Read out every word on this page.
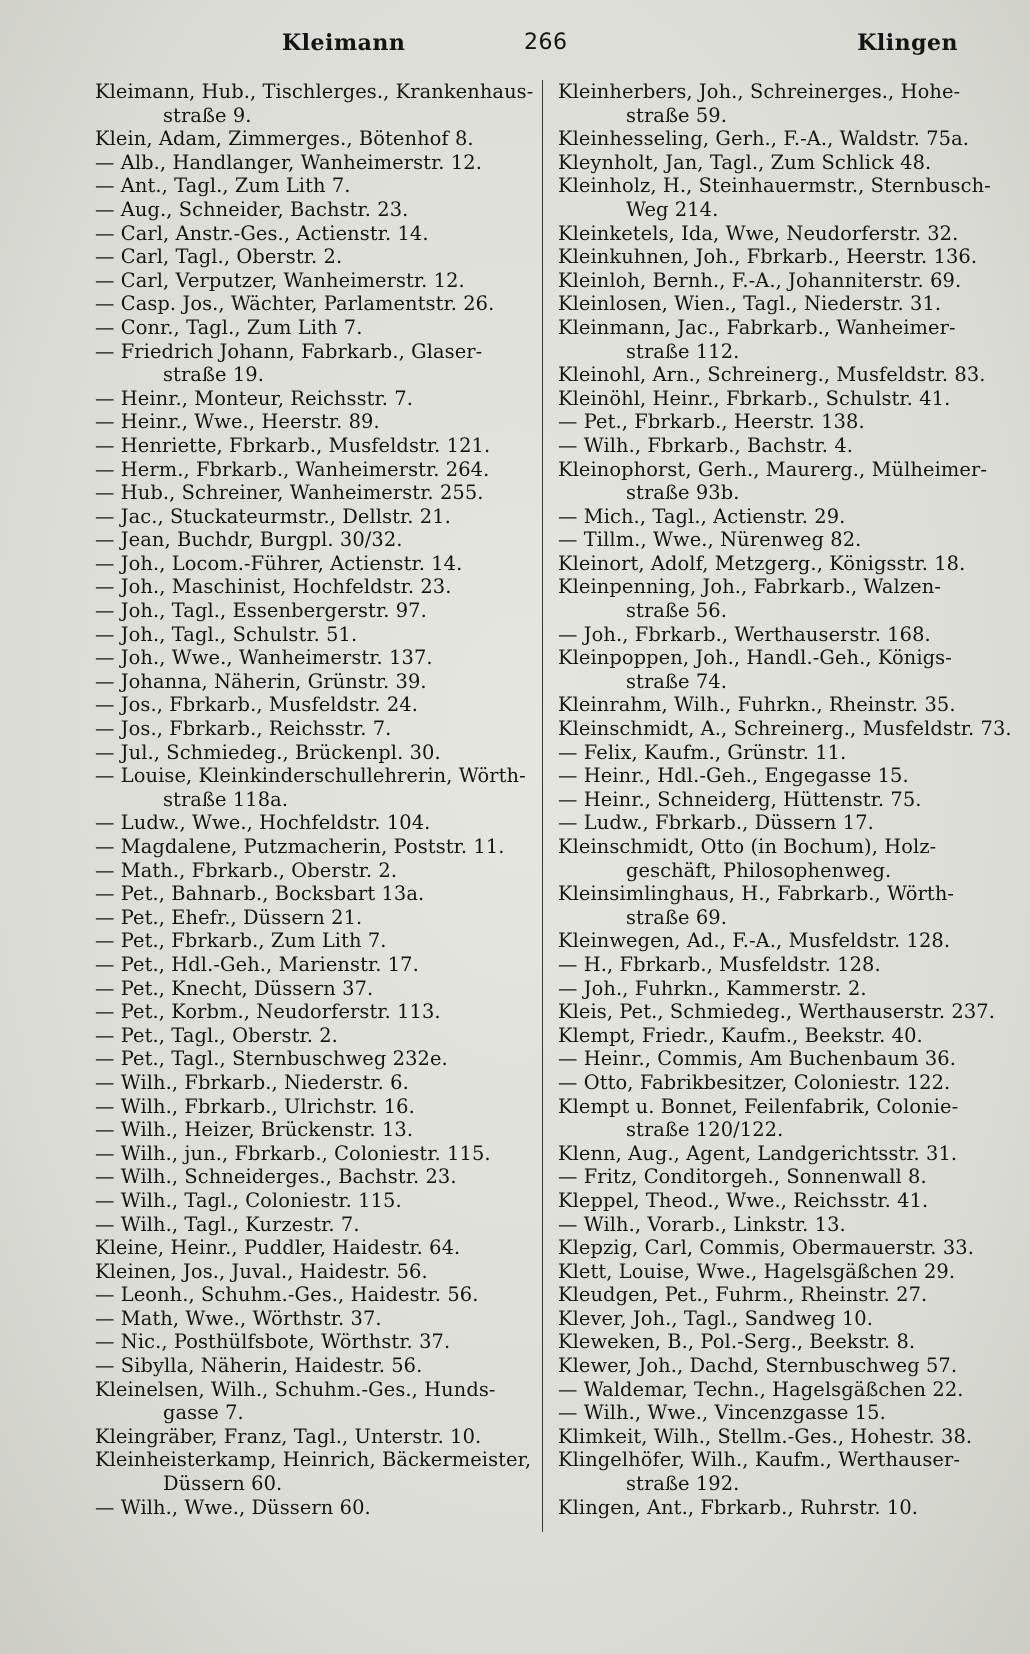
Kleimann	266	Klingen
Kleimann, Hub., Tischlerges., Krankenhaus-
straße 9.
Klein, Adam, Zimmerges., Bötenhof 8.
— Alb., Handlanger, Wanheimerstr. 12.
— Ant., Tagl., Zum Lith 7.
— Aug., Schneider, Bachstr. 23.
— Carl, Anstr.-Ges., Actienstr. 14.
— Carl, Tagl., Oberstr. 2.
— Carl, Verputzer, Wanheimerstr. 12.
— Casp. Jos., Wächter, Parlamentstr. 26.
— Conr., Tagl., Zum Lith 7.
— Friedrich Johann, Fabrkarb., Glaser-
straße 19.
— Heinr., Monteur, Reichsstr. 7.
— Heinr., Wwe., Heerstr. 89.
— Henriette, Fbrkarb., Musfeldstr. 121.
— Herm., Fbrkarb., Wanheimerstr. 264.
— Hub., Schreiner, Wanheimerstr. 255.
— Jac., Stuckateurmstr., Dellstr. 21.
— Jean, Buchdr, Burgpl. 30/32.
— Joh., Locom.-Führer, Actienstr. 14.
— Joh., Maschinist, Hochfeldstr. 23.
— Joh., Tagl., Essenbergerstr. 97.
— Joh., Tagl., Schulstr. 51.
— Joh., Wwe., Wanheimerstr. 137.
— Johanna, Näherin, Grünstr. 39.
— Jos., Fbrkarb., Musfeldstr. 24.
— Jos., Fbrkarb., Reichsstr. 7.
— Jul., Schmiedeg., Brückenpl. 30.
— Louise, Kleinkinderschullehrerin, Wörth-
straße 118a.
— Ludw., Wwe., Hochfeldstr. 104.
— Magdalene, Putzmacherin, Poststr. 11.
— Math., Fbrkarb., Oberstr. 2.
— Pet., Bahnarb., Bocksbart 13a.
— Pet., Ehefr., Düssern 21.
— Pet., Fbrkarb., Zum Lith 7.
— Pet., Hdl.-Geh., Marienstr. 17.
— Pet., Knecht, Düssern 37.
— Pet., Korbm., Neudorferstr. 113.
— Pet., Tagl., Oberstr. 2.
— Pet., Tagl., Sternbuschweg 232e.
— Wilh., Fbrkarb., Niederstr. 6.
— Wilh., Fbrkarb., Ulrichstr. 16.
— Wilh., Heizer, Brückenstr. 13.
— Wilh., jun., Fbrkarb., Coloniestr. 115.
— Wilh., Schneiderges., Bachstr. 23.
— Wilh., Tagl., Coloniestr. 115.
— Wilh., Tagl., Kurzestr. 7.
Kleine, Heinr., Puddler, Haidestr. 64.
Kleinen, Jos., Juval., Haidestr. 56.
— Leonh., Schuhm.-Ges., Haidestr. 56.
— Math, Wwe., Wörthstr. 37.
— Nic., Posthülfsbote, Wörthstr. 37.
— Sibylla, Näherin, Haidestr. 56.
Kleinelsen, Wilh., Schuhm.-Ges., Hunds-
gasse 7.
Kleingräber, Franz, Tagl., Unterstr. 10.
Kleinheisterkamp, Heinrich, Bäckermeister,
Düssern 60.
— Wilh., Wwe., Düssern 60.
Kleinherbers, Joh., Schreinerges., Hohe-
straße 59.
Kleinhesseling, Gerh., F.-A., Waldstr. 75a.
Kleynholt, Jan, Tagl., Zum Schlick 48.
Kleinholz, H., Steinhauermstr., Sternbusch-
Weg 214.
Kleinketels, Ida, Wwe, Neudorferstr. 32.
Kleinkuhnen, Joh., Fbrkarb., Heerstr. 136.
Kleinloh, Bernh., F.-A., Johanniterstr. 69.
Kleinlosen, Wien., Tagl., Niederstr. 31.
Kleinmann, Jac., Fabrkarb., Wanheimer-
straße 112.
Kleinohl, Arn., Schreinerg., Musfeldstr. 83.
Kleinöhl, Heinr., Fbrkarb., Schulstr. 41.
— Pet., Fbrkarb., Heerstr. 138.
— Wilh., Fbrkarb., Bachstr. 4.
Kleinophorst, Gerh., Maurerg., Mülheimer-
straße 93b.
— Mich., Tagl., Actienstr. 29.
— Tillm., Wwe., Nürenweg 82.
Kleinort, Adolf, Metzgerg., Königsstr. 18.
Kleinpenning, Joh., Fabrkarb., Walzen-
straße 56.
— Joh., Fbrkarb., Werthauserstr. 168.
Kleinpoppen, Joh., Handl.-Geh., Königs-
straße 74.
Kleinrahm, Wilh., Fuhrkn., Rheinstr. 35.
Kleinschmidt, A., Schreinerg., Musfeldstr. 73.
— Felix, Kaufm., Grünstr. 11.
— Heinr., Hdl.-Geh., Engegasse 15.
— Heinr., Schneiderg, Hüttenstr. 75.
— Ludw., Fbrkarb., Düssern 17.
Kleinschmidt, Otto (in Bochum), Holz-
geschäft, Philosophenweg.
Kleinsimlinghaus, H., Fabrkarb., Wörth-
straße 69.
Kleinwegen, Ad., F.-A., Musfeldstr. 128.
— H., Fbrkarb., Musfeldstr. 128.
— Joh., Fuhrkn., Kammerstr. 2.
Kleis, Pet., Schmiedeg., Werthauserstr. 237.
Klempt, Friedr., Kaufm., Beekstr. 40.
— Heinr., Commis, Am Buchenbaum 36.
— Otto, Fabrikbesitzer, Coloniestr. 122.
Klempt u. Bonnet, Feilenfabrik, Colonie-
straße 120/122.
Klenn, Aug., Agent, Landgerichtsstr. 31.
— Fritz, Conditorgeh., Sonnenwall 8.
Kleppel, Theod., Wwe., Reichsstr. 41.
— Wilh., Vorarb., Linkstr. 13.
Klepzig, Carl, Commis, Obermauerstr. 33.
Klett, Louise, Wwe., Hagelsgäßchen 29.
Kleudgen, Pet., Fuhrm., Rheinstr. 27.
Klever, Joh., Tagl., Sandweg 10.
Kleweken, B., Pol.-Serg., Beekstr. 8.
Klewer, Joh., Dachd, Sternbuschweg 57.
— Waldemar, Techn., Hagelsgäßchen 22.
— Wilh., Wwe., Vincenzgasse 15.
Klimkeit, Wilh., Stellm.-Ges., Hohestr. 38.
Klingelhöfer, Wilh., Kaufm., Werthauser-
straße 192.
Klingen, Ant., Fbrkarb., Ruhrstr. 10.
